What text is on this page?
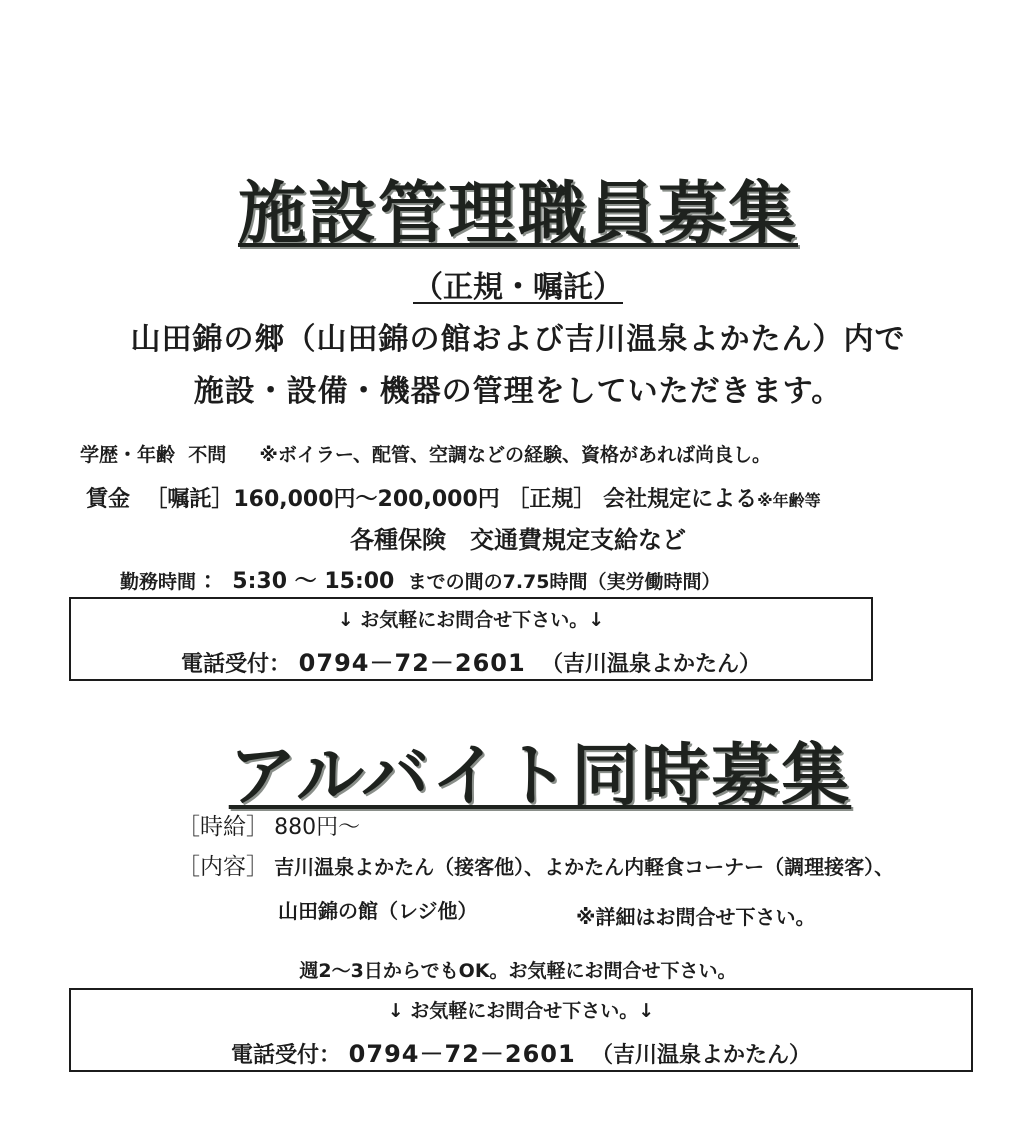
施設管理職員募集
（正規・嘱託）
山田錦の郷（山田錦の館および吉川温泉よかたん）内で
施設・設備・機器の管理をしていただきます。
学歴・年齢 不問 ※ボイラー、配管、空調などの経験、資格があれば尚良し。
賃金 ［嘱託］160,000円～200,000円 ［正規］ 会社規定による※年齢等
各種保険　交通費規定支給など
勤務時間 ： 5:30 ～ 15:00 までの間の7.75時間（実労働時間）
↓ お気軽にお問合せ下さい。↓
電話受付： 0794－72－2601 （吉川温泉よかたん）
アルバイト同時募集
［時給］ 880円～
［内容］ 吉川温泉よかたん（接客他）、よかたん内軽食コーナー（調理接客）、
山田錦の館（レジ他）	※詳細はお問合せ下さい。
週2～3日からでもOK。お気軽にお問合せ下さい。
↓ お気軽にお問合せ下さい。↓
電話受付： 0794－72－2601 （吉川温泉よかたん）
